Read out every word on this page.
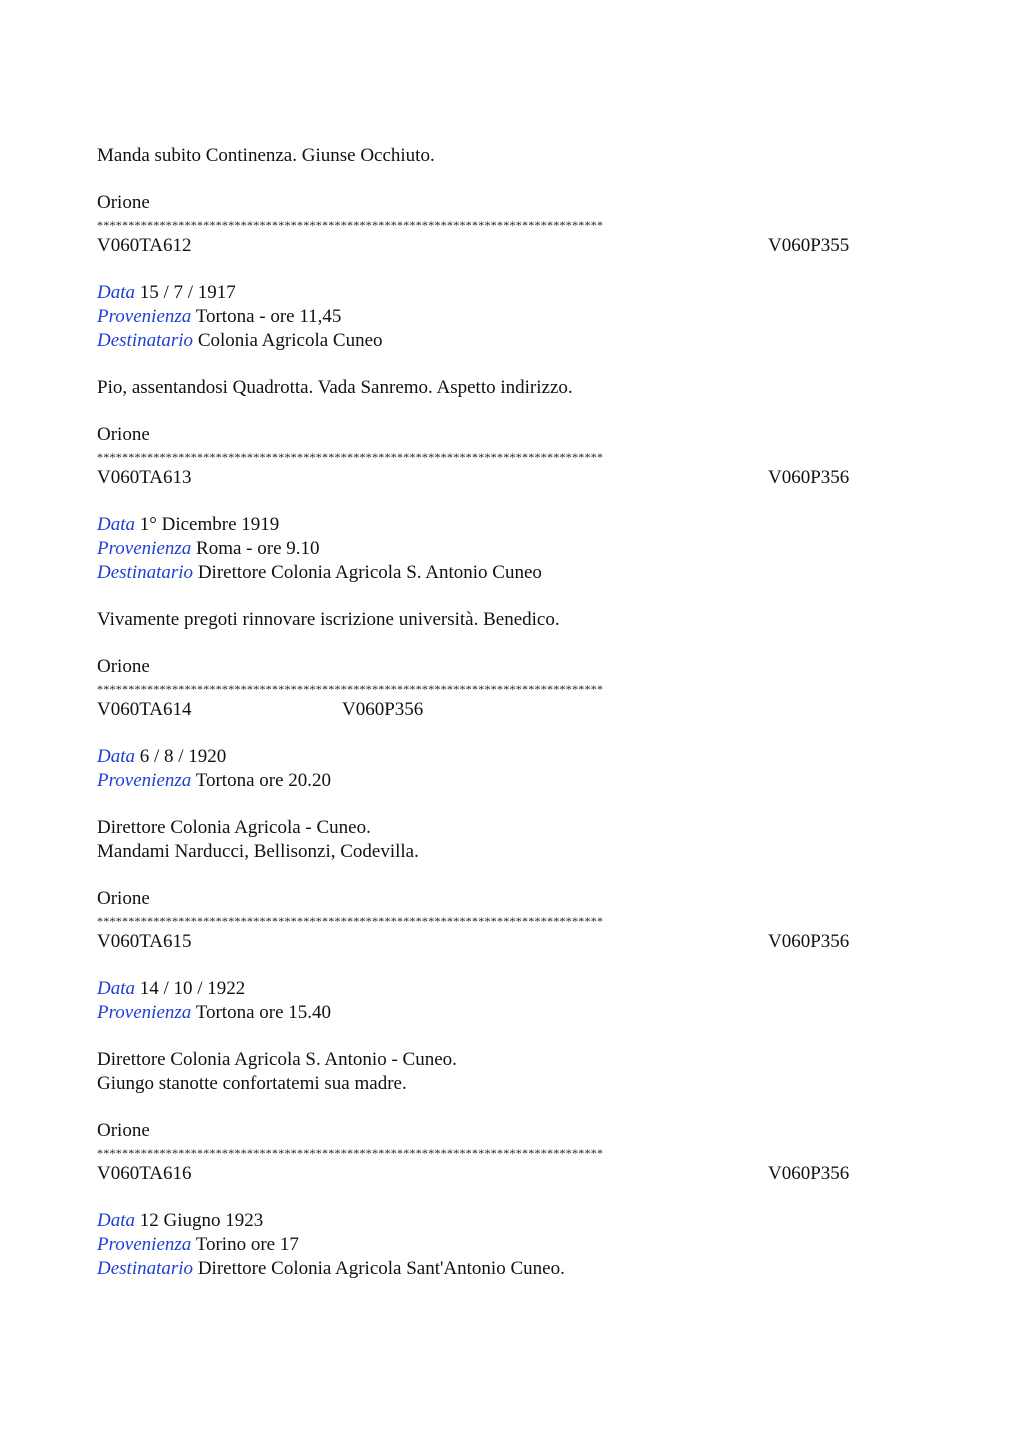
Manda subito Continenza. Giunse Occhiuto.
Orione
*********************************************************************************
V060TA612	V060P355
Data 15 / 7 / 1917
Provenienza Tortona - ore 11,45
Destinatario Colonia Agricola Cuneo
Pio, assentandosi Quadrotta. Vada Sanremo. Aspetto indirizzo.
Orione
*********************************************************************************
V060TA613	V060P356
Data 1° Dicembre 1919
Provenienza Roma - ore 9.10
Destinatario Direttore Colonia Agricola S. Antonio Cuneo
Vivamente pregoti rinnovare iscrizione università. Benedico.
Orione
*********************************************************************************
V060TA614	V060P356
Data 6 / 8 / 1920
Provenienza Tortona ore 20.20
Direttore Colonia Agricola - Cuneo.
Mandami Narducci, Bellisonzi, Codevilla.
Orione
*********************************************************************************
V060TA615	V060P356
Data 14 / 10 / 1922
Provenienza Tortona ore 15.40
Direttore Colonia Agricola S. Antonio - Cuneo.
Giungo stanotte confortatemi sua madre.
Orione
*********************************************************************************
V060TA616	V060P356
Data 12 Giugno 1923
Provenienza Torino ore 17
Destinatario Direttore Colonia Agricola Sant'Antonio Cuneo.
